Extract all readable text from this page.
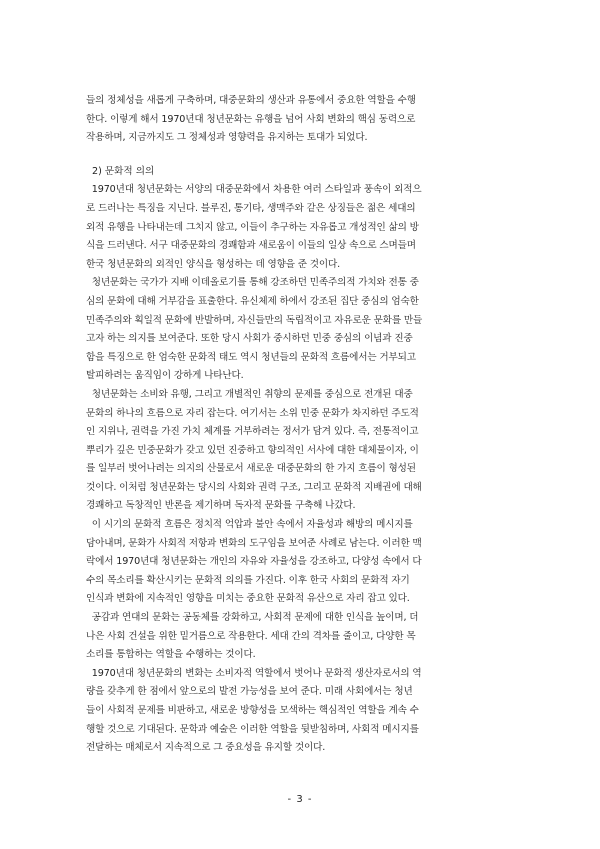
들의 정체성을 새롭게 구축하며, 대중문화의 생산과 유통에서 중요한 역할을 수행
한다. 이렇게 해서 1970년대 청년문화는 유행을 넘어 사회 변화의 핵심 동력으로
작용하며, 지금까지도 그 정체성과 영향력을 유지하는 토대가 되었다.

2) 문화적 의의

1970년대 청년문화는 서양의 대중문화에서 차용한 여러 스타일과 풍속이 외적으
로 드러나는 특징을 지닌다. 블루진, 통기타, 생맥주와 같은 상징들은 젊은 세대의
외적 유행을 나타내는데 그치지 않고, 이들이 추구하는 자유롭고 개성적인 삶의 방
식을 드러낸다. 서구 대중문화의 경쾌함과 새로움이 이들의 일상 속으로 스며들며
한국 청년문화의 외적인 양식을 형성하는 데 영향을 준 것이다.
청년문화는 국가가 지배 이데올로기를 통해 강조하던 민족주의적 가치와 전통 중
심의 문화에 대해 거부감을 표출한다. 유신체제 하에서 강조된 집단 중심의 엄숙한
민족주의와 획일적 문화에 반발하며, 자신들만의 독립적이고 자유로운 문화를 만들
고자 하는 의지를 보여준다. 또한 당시 사회가 중시하던 민중 중심의 이념과 진중
함을 특징으로 한 엄숙한 문화적 태도 역시 청년들의 문화적 흐름에서는 거부되고
탈피하려는 움직임이 강하게 나타난다.
청년문화는 소비와 유행, 그리고 개별적인 취향의 문제를 중심으로 전개된 대중
문화의 하나의 흐름으로 자리 잡는다. 여기서는 소위 민중 문화가 차지하던 주도적
인 지위나, 권력을 가진 가치 체계를 거부하려는 정서가 담겨 있다. 즉, 전통적이고
뿌리가 깊은 민중문화가 갖고 있던 진중하고 향의적인 서사에 대한 대체물이자, 이
를 일부러 벗어나려는 의지의 산물로서 새로운 대중문화의 한 가지 흐름이 형성된
것이다. 이처럼 청년문화는 당시의 사회와 권력 구조, 그리고 문화적 지배권에 대해
경쾌하고 독창적인 반론을 제기하며 독자적 문화를 구축해 나갔다.
이 시기의 문화적 흐름은 정치적 억압과 불안 속에서 자율성과 해방의 메시지를
담아내며, 문화가 사회적 저항과 변화의 도구임을 보여준 사례로 남는다. 이러한 맥
락에서 1970년대 청년문화는 개인의 자유와 자율성을 강조하고, 다양성 속에서 다
수의 목소리를 확산시키는 문화적 의의를 가진다. 이후 한국 사회의 문화적 자기
인식과 변화에 지속적인 영향을 미치는 중요한 문화적 유산으로 자리 잡고 있다.
공감과 연대의 문화는 공동체를 강화하고, 사회적 문제에 대한 인식을 높이며, 더
나은 사회 건설을 위한 밑거름으로 작용한다. 세대 간의 격차를 줄이고, 다양한 목
소리를 통합하는 역할을 수행하는 것이다.
1970년대 청년문화의 변화는 소비자적 역할에서 벗어나 문화적 생산자로서의 역
량을 갖추게 한 점에서 앞으로의 발전 가능성을 보여 준다. 미래 사회에서는 청년
들이 사회적 문제를 비판하고, 새로운 방향성을 모색하는 핵심적인 역할을 계속 수
행할 것으로 기대된다. 문학과 예술은 이러한 역할을 뒷받침하며, 사회적 메시지를
전달하는 매체로서 지속적으로 그 중요성을 유지할 것이다.

- 3 -
